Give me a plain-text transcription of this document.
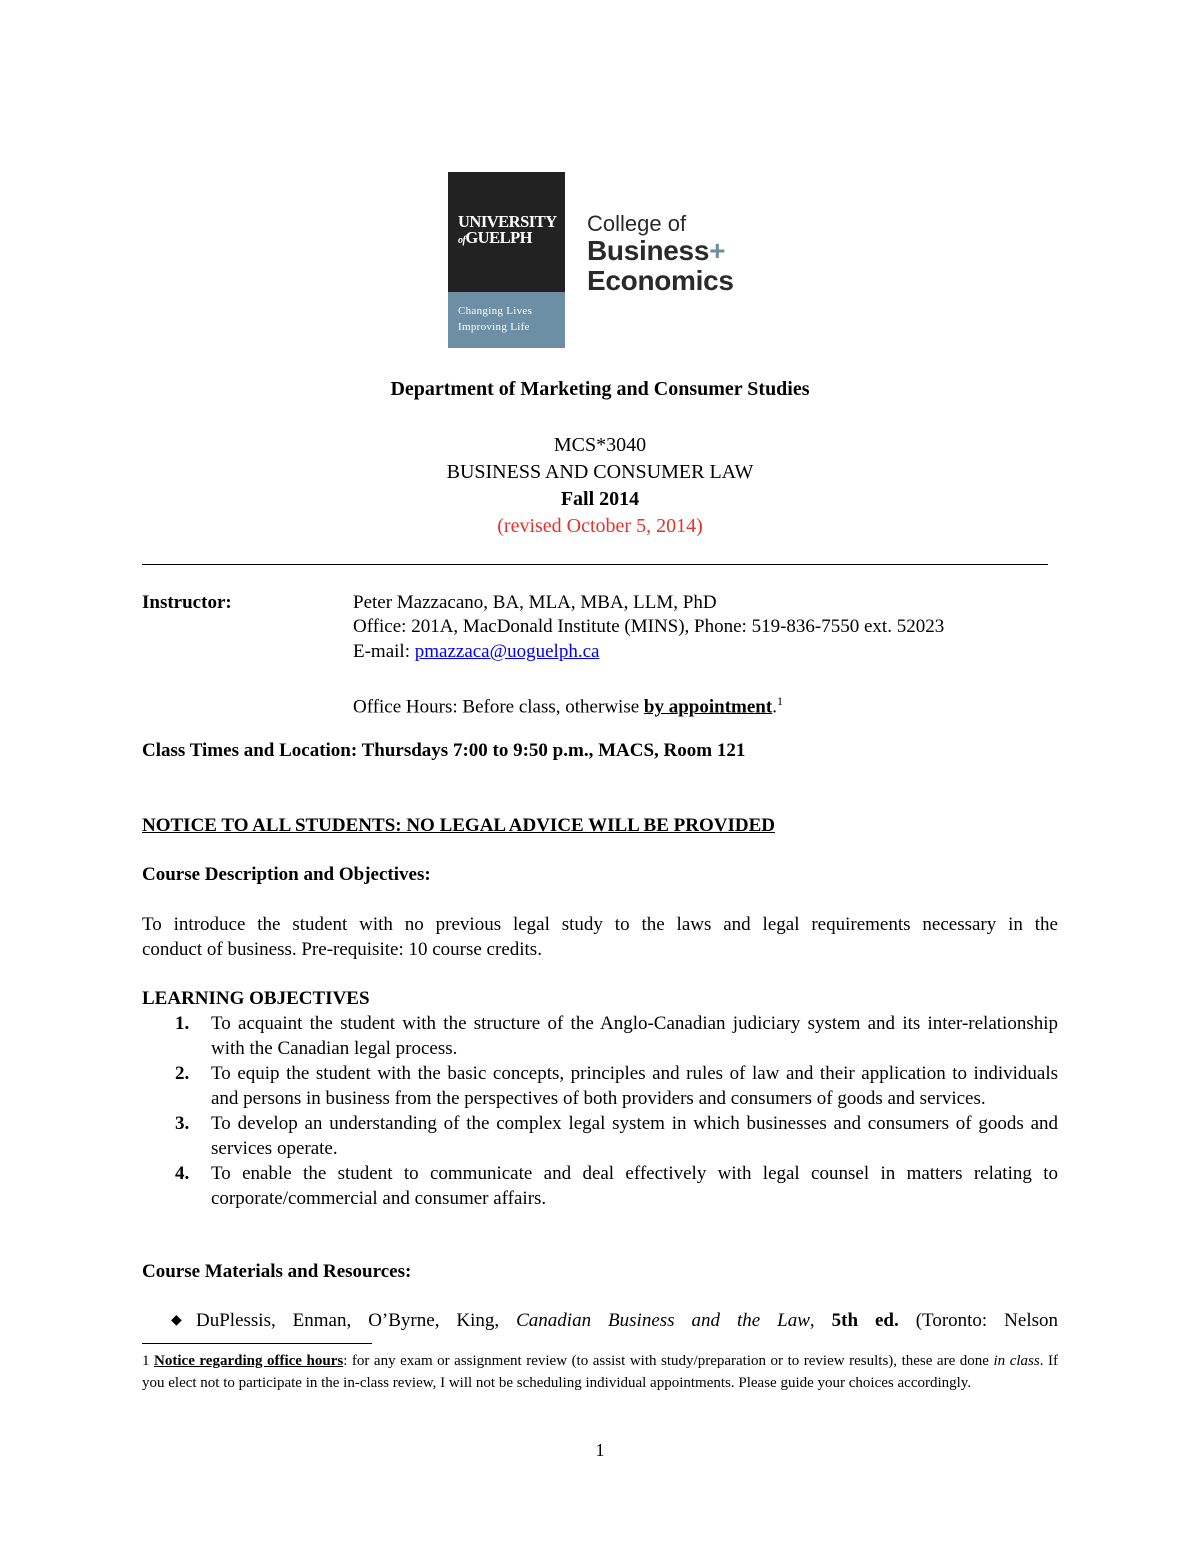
UNIVERSITY
ofGUELPH
Changing Lives
Improving Life
College of
Business+
Economics
Department of Marketing and Consumer Studies
MCS*3040
BUSINESS AND CONSUMER LAW
Fall 2014
(revised October 5, 2014)
Instructor:	Peter Mazzacano, BA, MLA, MBA, LLM, PhD
Office: 201A, MacDonald Institute (MINS), Phone: 519-836-7550 ext. 52023
E-mail: pmazzaca@uoguelph.ca
Office Hours: Before class, otherwise by appointment.$^1$
Class Times and Location: Thursdays 7:00 to 9:50 p.m., MACS, Room 121
NOTICE TO ALL STUDENTS: NO LEGAL ADVICE WILL BE PROVIDED
Course Description and Objectives:
To introduce the student with no previous legal study to the laws and legal requirements necessary in the
conduct of business. Pre-requisite: 10 course credits.
LEARNING OBJECTIVES
1. To acquaint the student with the structure of the Anglo-Canadian judiciary system and its inter-relationship with the Canadian legal process.
2. To equip the student with the basic concepts, principles and rules of law and their application to individuals and persons in business from the perspectives of both providers and consumers of goods and services.
3. To develop an understanding of the complex legal system in which businesses and consumers of goods and services operate.
4. To enable the student to communicate and deal effectively with legal counsel in matters relating to corporate/commercial and consumer affairs.
Course Materials and Resources:
◆ DuPlessis, Enman, O’Byrne, King, Canadian Business and the Law, 5th ed. (Toronto: Nelson
1 Notice regarding office hours: for any exam or assignment review (to assist with study/preparation or to review results), these are done in class. If you elect not to participate in the in-class review, I will not be scheduling individual appointments. Please guide your choices accordingly.
1
